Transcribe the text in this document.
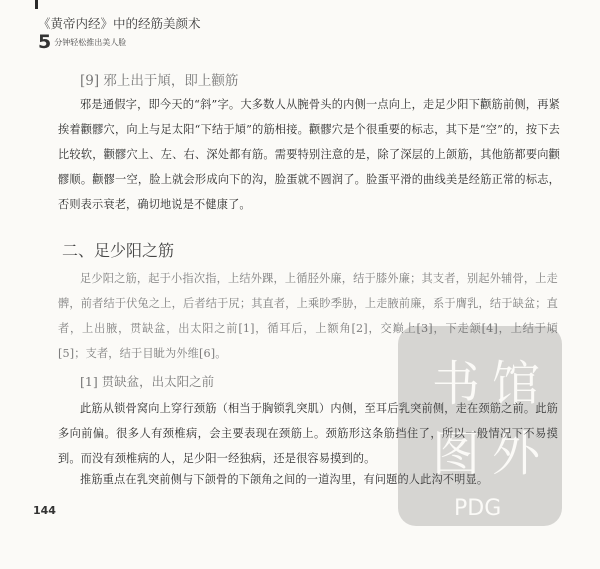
《黄帝内经》中的经筋美颜术
5 分钟轻松推出美人脸
[9] 邪上出于頄，即上颧筋
邪是通假字，即今天的“斜”字。大多数人从腕骨头的内侧一点向上，走足少阳下颧筋前侧，再紧挨着颧髎穴，向上与足太阳“下结于頄”的筋相接。颧髎穴是个很重要的标志，其下是“空”的，按下去比较软，颧髎穴上、左、右、深处都有筋。需要特别注意的是，除了深层的上颌筋，其他筋都要向颧髎顺。颧髎一空，脸上就会形成向下的沟，脸蛋就不圆润了。脸蛋平滑的曲线美是经筋正常的标志，否则表示衰老，确切地说是不健康了。
二、足少阳之筋
足少阳之筋，起于小指次指，上结外踝，上循胫外廉，结于膝外廉；其支者，别起外辅骨，上走髀，前者结于伏兔之上，后者结于尻；其直者，上乘眇季胁，上走腋前廉，系于膺乳，结于缺盆；直者，上出腋，贯缺盆，出太阳之前[1]，循耳后，上额角[2]，交巅上[3]，下走颔[4]，上结于頄[5]；支者，结于目眦为外维[6]。
[1] 贯缺盆，出太阳之前
此筋从锁骨窝向上穿行颈筋（相当于胸锁乳突肌）内侧，至耳后乳突前侧，走在颈筋之前。此筋多向前偏。很多人有颈椎病，会主要表现在颈筋上。颈筋形这条筋挡住了，所以一般情况下不易摸到。而没有颈椎病的人，足少阳一经独病，还是很容易摸到的。
推筋重点在乳突前侧与下颌骨的下颌角之间的一道沟里，有问题的人此沟不明显。
144
书 馆
图 外
PDG
